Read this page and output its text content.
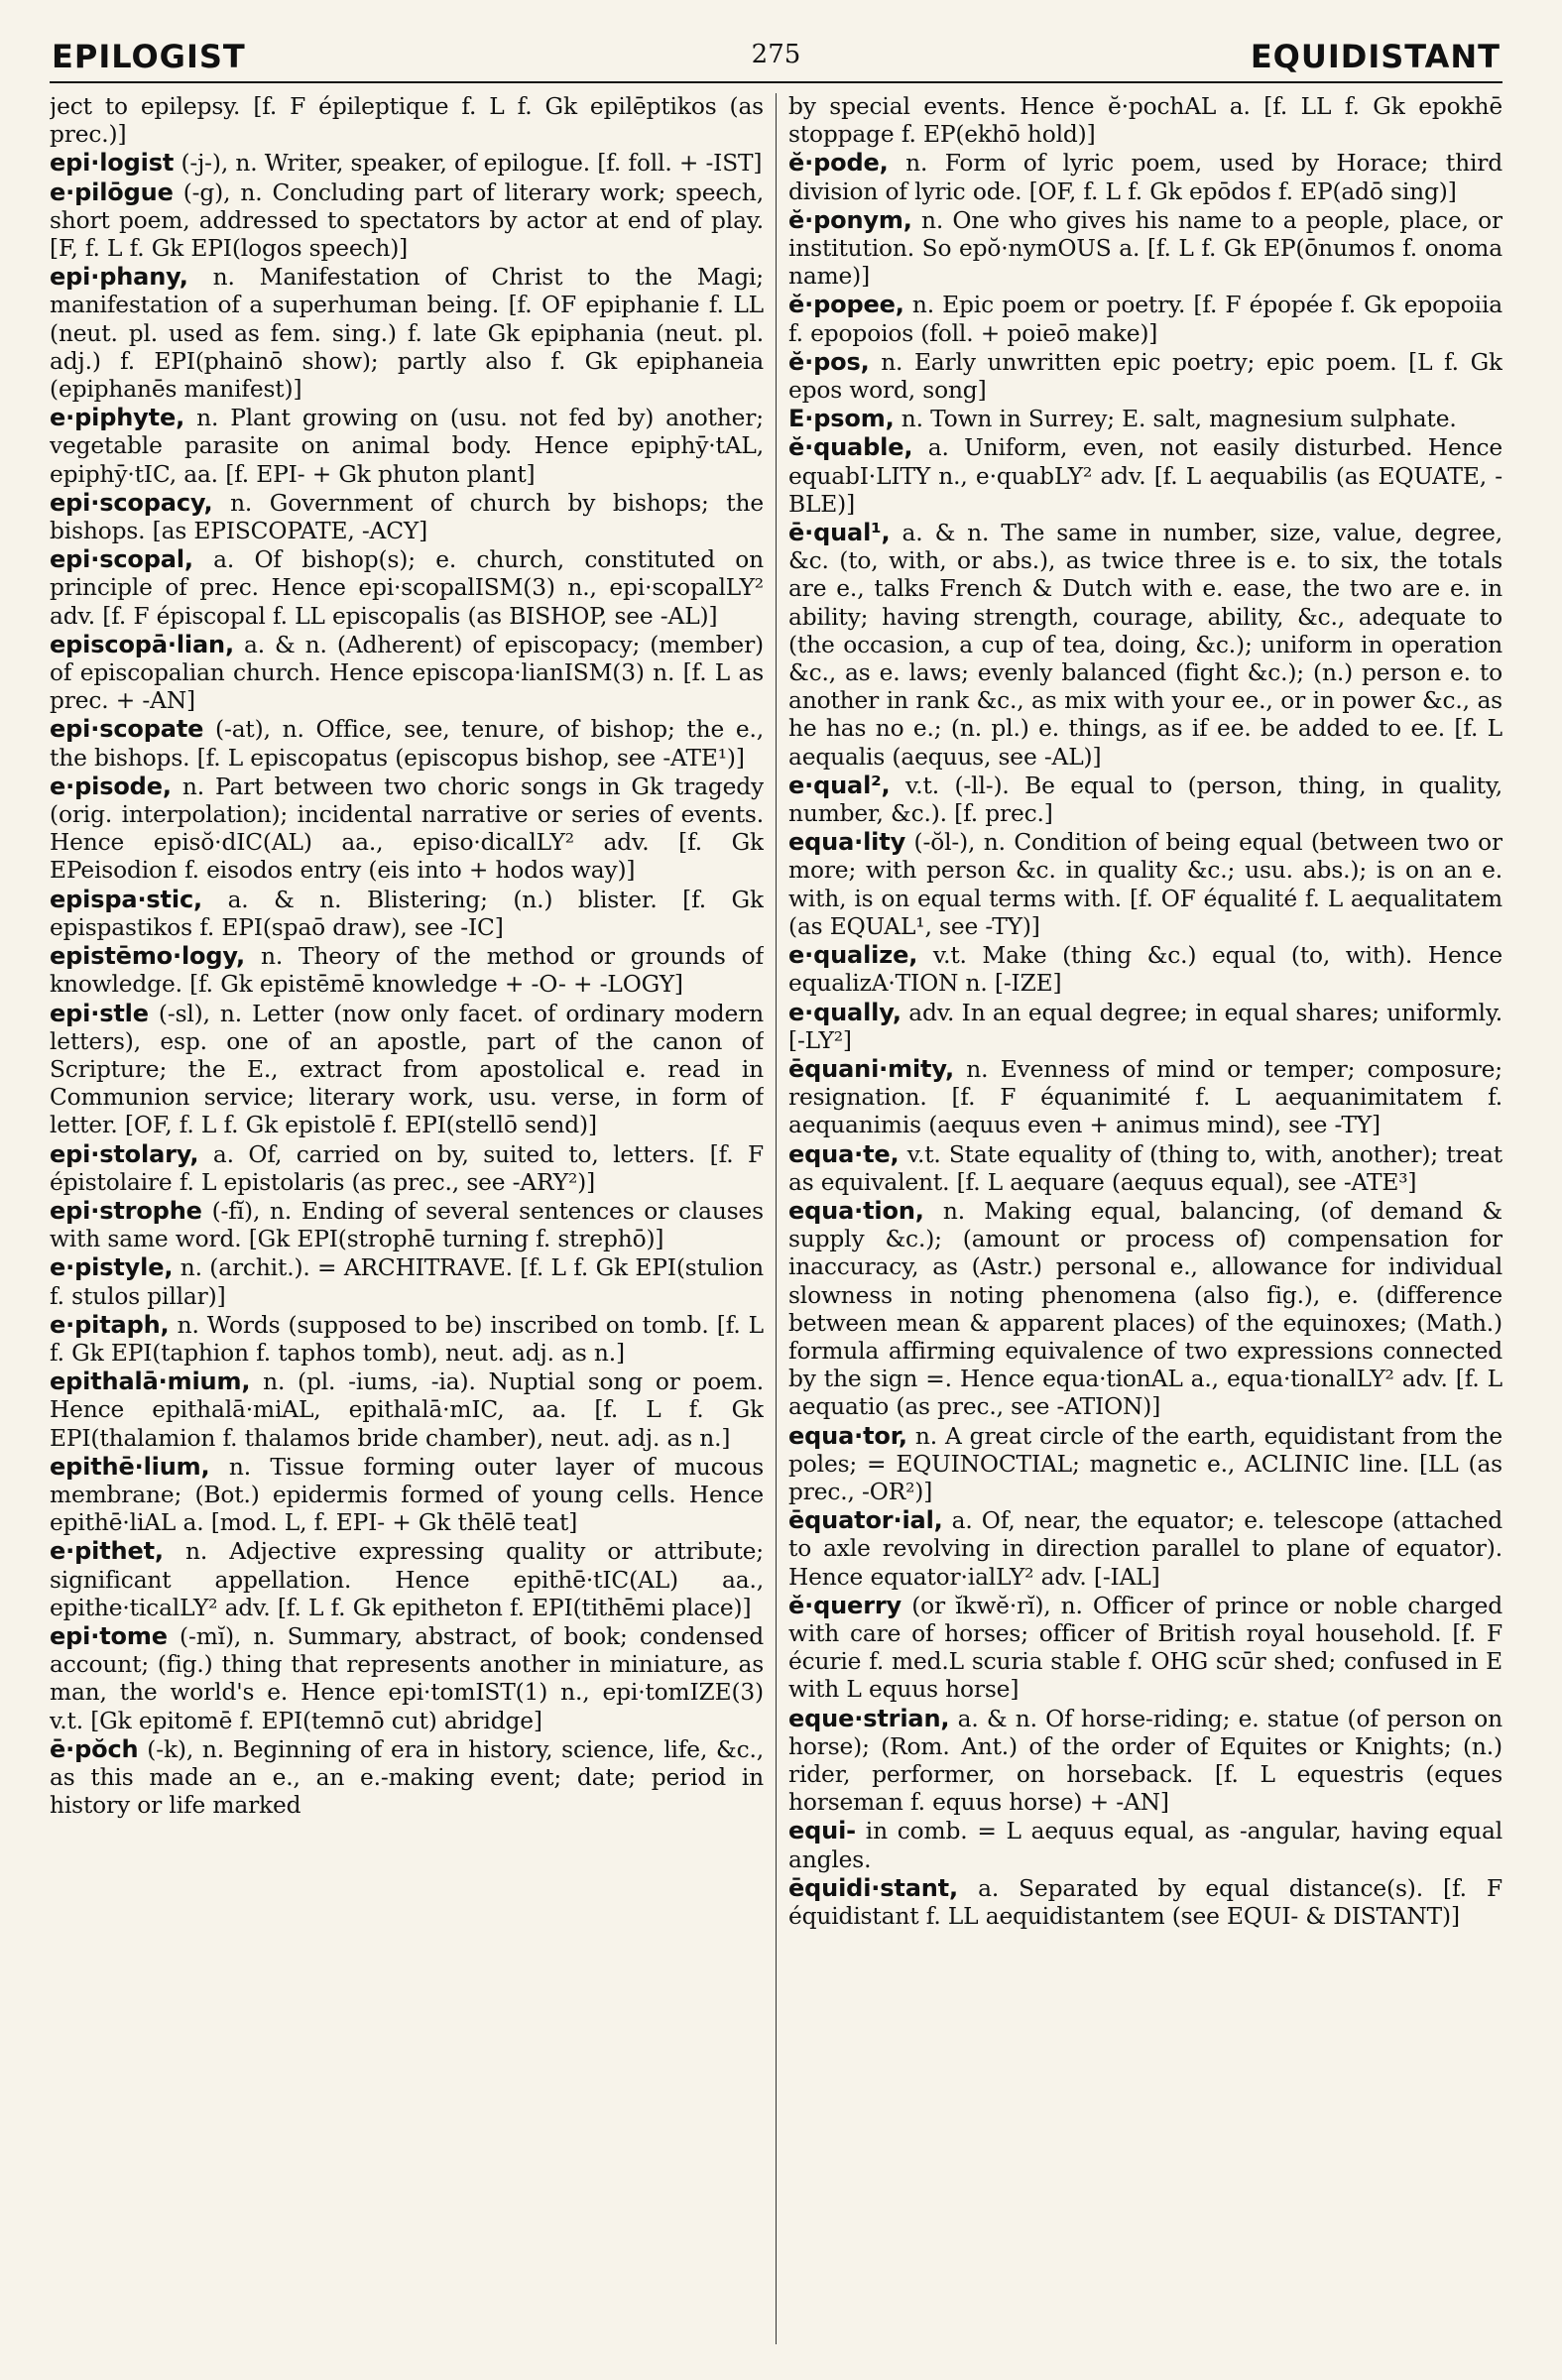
EPILOGIST	275	EQUIDISTANT

ject to epilepsy. [f. F épileptique f. L f. Gk epilēptikos (as prec.)]

epi·logist (-j-), n. Writer, speaker, of epilogue. [f. foll. + -IST]

e·pilōgue (-g), n. Concluding part of literary work; speech, short poem, addressed to spectators by actor at end of play. [F, f. L f. Gk EPI(logos speech)]

epi·phany, n. Manifestation of Christ to the Magi; manifestation of a superhuman being. [f. OF epiphanie f. LL (neut. pl. used as fem. sing.) f. late Gk epiphania (neut. pl. adj.) f. EPI(phainō show); partly also f. Gk epiphaneia (epiphanēs manifest)]

e·piphyte, n. Plant growing on (usu. not fed by) another; vegetable parasite on animal body. Hence epiphȳ·tAL, epiphȳ·tIC, aa. [f. EPI- + Gk phuton plant]

epi·scopacy, n. Government of church by bishops; the bishops. [as EPISCOPATE, -ACY]

epi·scopal, a. Of bishop(s); e. church, constituted on principle of prec. Hence epi·scopalISM(3) n., epi·scopalLY² adv. [f. F épiscopal f. LL episcopalis (as BISHOP, see -AL)]

episcopā·lian, a. & n. (Adherent) of episcopacy; (member) of episcopalian church. Hence episcopa·lianISM(3) n. [f. L as prec. + -AN]

epi·scopate (-at), n. Office, see, tenure, of bishop; the e., the bishops. [f. L episcopatus (episcopus bishop, see -ATE¹)]

e·pisode, n. Part between two choric songs in Gk tragedy (orig. interpolation); incidental narrative or series of events. Hence episŏ·dIC(AL) aa., episo·dicalLY² adv. [f. Gk EPeisodion f. eisodos entry (eis into + hodos way)]

epispa·stic, a. & n. Blistering; (n.) blister. [f. Gk epispastikos f. EPI(spaō draw), see -IC]

epistēmo·logy, n. Theory of the method or grounds of knowledge. [f. Gk epistēmē knowledge + -O- + -LOGY]

epi·stle (-sl), n. Letter (now only facet. of ordinary modern letters), esp. one of an apostle, part of the canon of Scripture; the E., extract from apostolical e. read in Communion service; literary work, usu. verse, in form of letter. [OF, f. L f. Gk epistolē f. EPI(stellō send)]

epi·stolary, a. Of, carried on by, suited to, letters. [f. F épistolaire f. L epistolaris (as prec., see -ARY²)]

epi·strophe (-fĭ), n. Ending of several sentences or clauses with same word. [Gk EPI(strophē turning f. strephō)]

e·pistyle, n. (archit.). = ARCHITRAVE. [f. L f. Gk EPI(stulion f. stulos pillar)]

e·pitaph, n. Words (supposed to be) inscribed on tomb. [f. L f. Gk EPI(taphion f. taphos tomb), neut. adj. as n.]

epithalā·mium, n. (pl. -iums, -ia). Nuptial song or poem. Hence epithalā·miAL, epithalā·mIC, aa. [f. L f. Gk EPI(thalamion f. thalamos bride chamber), neut. adj. as n.]

epithē·lium, n. Tissue forming outer layer of mucous membrane; (Bot.) epidermis formed of young cells. Hence epithē·liAL a. [mod. L, f. EPI- + Gk thēlē teat]

e·pithet, n. Adjective expressing quality or attribute; significant appellation. Hence epithē·tIC(AL) aa., epithe·ticalLY² adv. [f. L f. Gk epitheton f. EPI(tithēmi place)]

epi·tome (-mĭ), n. Summary, abstract, of book; condensed account; (fig.) thing that represents another in miniature, as man, the world's e. Hence epi·tomIST(1) n., epi·tomIZE(3) v.t. [Gk epitomē f. EPI(temnō cut) abridge]

ē·pŏch (-k), n. Beginning of era in history, science, life, &c., as this made an e., an e.-making event; date; period in history or life marked

by special events. Hence ĕ·pochAL a. [f. LL f. Gk epokhē stoppage f. EP(ekhō hold)]

ĕ·pode, n. Form of lyric poem, used by Horace; third division of lyric ode. [OF, f. L f. Gk epōdos f. EP(adō sing)]

ĕ·ponym, n. One who gives his name to a people, place, or institution. So epŏ·nymOUS a. [f. L f. Gk EP(ōnumos f. onoma name)]

ĕ·popee, n. Epic poem or poetry. [f. F épopée f. Gk epopoiia f. epopoios (foll. + poieō make)]

ĕ·pos, n. Early unwritten epic poetry; epic poem. [L f. Gk epos word, song]

E·psom, n. Town in Surrey; E. salt, magnesium sulphate.

ĕ·quable, a. Uniform, even, not easily disturbed. Hence equabI·LITY n., e·quabLY² adv. [f. L aequabilis (as EQUATE, -BLE)]

ē·qual¹, a. & n. The same in number, size, value, degree, &c. (to, with, or abs.), as twice three is e. to six, the totals are e., talks French & Dutch with e. ease, the two are e. in ability; having strength, courage, ability, &c., adequate to (the occasion, a cup of tea, doing, &c.); uniform in operation &c., as e. laws; evenly balanced (fight &c.); (n.) person e. to another in rank &c., as mix with your ee., or in power &c., as he has no e.; (n. pl.) e. things, as if ee. be added to ee. [f. L aequalis (aequus, see -AL)]

e·qual², v.t. (-ll-). Be equal to (person, thing, in quality, number, &c.). [f. prec.]

equa·lity (-ŏl-), n. Condition of being equal (between two or more; with person &c. in quality &c.; usu. abs.); is on an e. with, is on equal terms with. [f. OF équalité f. L aequalitatem (as EQUAL¹, see -TY)]

e·qualize, v.t. Make (thing &c.) equal (to, with). Hence equalizA·TION n. [-IZE]

e·qually, adv. In an equal degree; in equal shares; uniformly. [-LY²]

ēquani·mity, n. Evenness of mind or temper; composure; resignation. [f. F équanimité f. L aequanimitatem f. aequanimis (aequus even + animus mind), see -TY]

equa·te, v.t. State equality of (thing to, with, another); treat as equivalent. [f. L aequare (aequus equal), see -ATE³]

equa·tion, n. Making equal, balancing, (of demand & supply &c.); (amount or process of) compensation for inaccuracy, as (Astr.) personal e., allowance for individual slowness in noting phenomena (also fig.), e. (difference between mean & apparent places) of the equinoxes; (Math.) formula affirming equivalence of two expressions connected by the sign =. Hence equa·tionAL a., equa·tionalLY² adv. [f. L aequatio (as prec., see -ATION)]

equa·tor, n. A great circle of the earth, equidistant from the poles; = EQUINOCTIAL; magnetic e., ACLINIC line. [LL (as prec., -OR²)]

ēquator·ial, a. Of, near, the equator; e. telescope (attached to axle revolving in direction parallel to plane of equator). Hence equator·ialLY² adv. [-IAL]

ĕ·querry (or ĭkwĕ·rĭ), n. Officer of prince or noble charged with care of horses; officer of British royal household. [f. F écurie f. med.L scuria stable f. OHG scūr shed; confused in E with L equus horse]

eque·strian, a. & n. Of horse-riding; e. statue (of person on horse); (Rom. Ant.) of the order of Equites or Knights; (n.) rider, performer, on horseback. [f. L equestris (eques horseman f. equus horse) + -AN]

equi- in comb. = L aequus equal, as -angular, having equal angles.

ēquidi·stant, a. Separated by equal distance(s). [f. F équidistant f. LL aequidistantem (see EQUI- & DISTANT)]
